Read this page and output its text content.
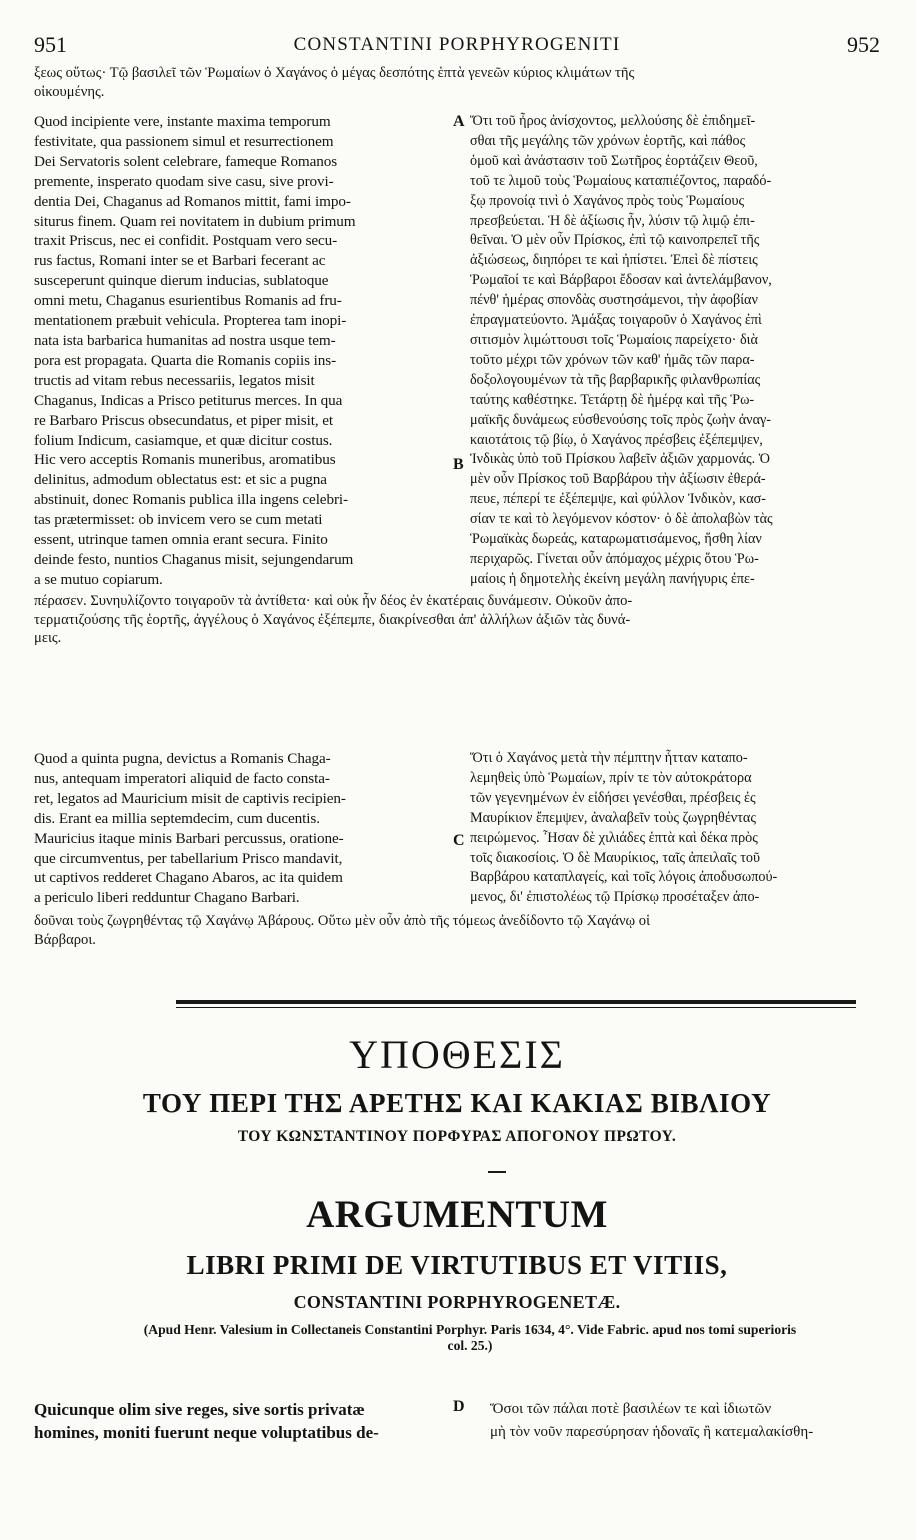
951	CONSTANTINI PORPHYROGENITI	952

ξεως οὕτως· Τῷ βασιλεῖ τῶν Ῥωμαίων ὁ Χαγάνος ὁ μέγας δεσπότης ἑπτὰ γενεῶν κύριος κλιμάτων τῆς

οἰκουμένης.

A
B
C
D

Quod incipiente vere, instante maxima temporum

festivitate, qua passionem simul et resurrectionem

Dei Servatoris solent celebrare, fameque Romanos

premente, insperato quodam sive casu, sive provi-

dentia Dei, Chaganus ad Romanos mittit, fami impo-

siturus finem. Quam rei novitatem in dubium primum

traxit Priscus, nec ei confidit. Postquam vero secu-

rus factus, Romani inter se et Barbari fecerant ac

susceperunt quinque dierum inducias, sublatoque

omni metu, Chaganus esurientibus Romanis ad fru-

mentationem præbuit vehicula. Propterea tam inopi-

nata ista barbarica humanitas ad nostra usque tem-

pora est propagata. Quarta die Romanis copiis ins-

tructis ad vitam rebus necessariis, legatos misit

Chaganus, Indicas a Prisco petiturus merces. In qua

re Barbaro Priscus obsecundatus, et piper misit, et

folium Indicum, casiamque, et quæ dicitur costus.

Hic vero acceptis Romanis muneribus, aromatibus

delinitus, admodum oblectatus est: et sic a pugna

abstinuit, donec Romanis publica illa ingens celebri-

tas prætermisset: ob invicem vero se cum metati

essent, utrinque tamen omnia erant secura. Finito

deinde festo, nuntios Chaganus misit, sejungendarum

a se mutuo copiarum.

Ὅτι τοῦ ἦρος ἀνίσχοντος, μελλούσης δὲ ἐπιδημεῖ-

σθαι τῆς μεγάλης τῶν χρόνων ἑορτῆς, καὶ πάθος

ὁμοῦ καὶ ἀνάστασιν τοῦ Σωτῆρος ἑορτάζειν Θεοῦ,

τοῦ τε λιμοῦ τοὺς Ῥωμαίους καταπιέζοντος, παραδό-

ξῳ προνοίᾳ τινὶ ὁ Χαγάνος πρὸς τοὺς Ῥωμαίους

πρεσβεύεται. Ἡ δὲ ἀξίωσις ἦν, λύσιν τῷ λιμῷ ἐπι-

θεῖναι. Ὁ μὲν οὖν Πρίσκος, ἐπὶ τῷ καινοπρεπεῖ τῆς

ἀξιώσεως, διηπόρει τε καὶ ἠπίστει. Ἐπεὶ δὲ πίστεις

Ῥωμαῖοί τε καὶ Βάρβαροι ἔδοσαν καὶ ἀντελάμβανον,

πένθ' ἡμέρας σπονδὰς συστησάμενοι, τὴν ἀφοβίαν

ἐπραγματεύοντο. Ἁμάξας τοιγαροῦν ὁ Χαγάνος ἐπὶ

σιτισμὸν λιμώττουσι τοῖς Ῥωμαίοις παρείχετο· διὰ

τοῦτο μέχρι τῶν χρόνων τῶν καθ' ἡμᾶς τῶν παρα-

δοξολογουμένων τὰ τῆς βαρβαρικῆς φιλανθρωπίας

ταύτης καθέστηκε. Τετάρτῃ δὲ ἡμέρᾳ καὶ τῆς Ῥω-

μαϊκῆς δυνάμεως εὐσθενούσης τοῖς πρὸς ζωὴν ἀναγ-

καιοτάτοις τῷ βίῳ, ὁ Χαγάνος πρέσβεις ἐξέπεμψεν,

Ἰνδικὰς ὑπὸ τοῦ Πρίσκου λαβεῖν ἀξιῶν χαρμονάς. Ὁ

μὲν οὖν Πρίσκος τοῦ Βαρβάρου τὴν ἀξίωσιν ἐθερά-

πευε, πέπερί τε ἐξέπεμψε, καὶ φύλλον Ἰνδικὸν, κασ-

σίαν τε καὶ τὸ λεγόμενον κόστον· ὁ δὲ ἀπολαβὼν τὰς

Ῥωμαϊκὰς δωρεάς, καταρωματισάμενος, ἥσθη λίαν

περιχαρῶς. Γίνεται οὖν ἀπόμαχος μέχρις ὅτου Ῥω-

μαίοις ἡ δημοτελὴς ἐκείνη μεγάλη πανήγυρις ἐπε-

πέρασεν. Συνηυλίζοντο τοιγαροῦν τὰ ἀντίθετα· καὶ οὐκ ἦν δέος ἐν ἑκατέραις δυνάμεσιν. Οὐκοῦν ἀπο-

τερματιζούσης τῆς ἑορτῆς, ἀγγέλους ὁ Χαγάνος ἐξέπεμπε, διακρίνεσθαι ἀπ' ἀλλήλων ἀξιῶν τὰς δυνά-

μεις.

Quod a quinta pugna, devictus a Romanis Chaga-

nus, antequam imperatori aliquid de facto consta-

ret, legatos ad Mauricium misit de captivis recipien-

dis. Erant ea millia septemdecim, cum ducentis.

Mauricius itaque minis Barbari percussus, oratione-

que circumventus, per tabellarium Prisco mandavit,

ut captivos redderet Chagano Abaros, ac ita quidem

a periculo liberi redduntur Chagano Barbari.

Ὅτι ὁ Χαγάνος μετὰ τὴν πέμπτην ἧτταν καταπο-

λεμηθεὶς ὑπὸ Ῥωμαίων, πρίν τε τὸν αὐτοκράτορα

τῶν γεγενημένων ἐν εἰδήσει γενέσθαι, πρέσβεις ἐς

Μαυρίκιον ἔπεμψεν, ἀναλαβεῖν τοὺς ζωγρηθέντας

πειρώμενος. Ἦσαν δὲ χιλιάδες ἑπτὰ καὶ δέκα πρὸς

τοῖς διακοσίοις. Ὁ δὲ Μαυρίκιος, ταῖς ἀπειλαῖς τοῦ

Βαρβάρου καταπλαγείς, καὶ τοῖς λόγοις ἀποδυσωπού-

μενος, δι' ἐπιστολέως τῷ Πρίσκῳ προσέταξεν ἀπο-

δοῦναι τοὺς ζωγρηθέντας τῷ Χαγάνῳ Ἀβάρους. Οὕτω μὲν οὖν ἀπὸ τῆς τόμεως ἀνεδίδοντο τῷ Χαγάνῳ οἱ

Βάρβαροι.

ΥΠΟΘΕΣΙΣ
ΤΟΥ ΠΕΡΙ ΤΗΣ ΑΡΕΤΗΣ ΚΑΙ ΚΑΚΙΑΣ ΒΙΒΛΙΟΥ
ΤΟΥ ΚΩΝΣΤΑΝΤΙΝΟΥ ΠΟΡΦΥΡΑΣ ΑΠΟΓΟΝΟΥ ΠΡΩΤΟΥ.
ARGUMENTUM
LIBRI PRIMI DE VIRTUTIBUS ET VITIIS,
CONSTANTINI PORPHYROGENETÆ.
(Apud Henr. Valesium in Collectaneis Constantini Porphyr. Paris 1634, 4°. Vide Fabric. apud nos tomi superioris
col. 25.)

Quicunque olim sive reges, sive sortis privatæ

homines, moniti fuerunt neque voluptatibus de-

Ὅσοι τῶν πάλαι ποτὲ βασιλέων τε καὶ ἰδιωτῶν

μὴ τὸν νοῦν παρεσύρησαν ἡδοναῖς ἢ κατεμαλακίσθη-
